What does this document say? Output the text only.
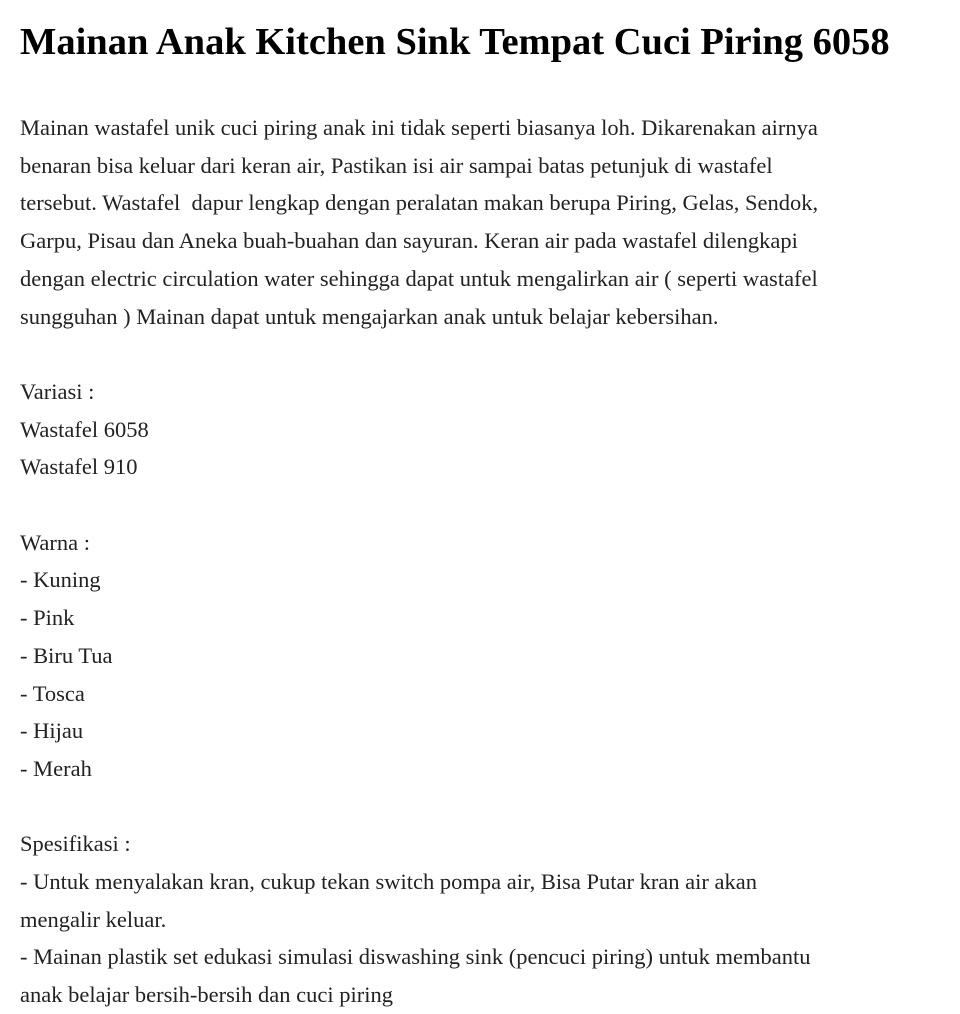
Mainan Anak Kitchen Sink Tempat Cuci Piring 6058

Mainan wastafel unik cuci piring anak ini tidak seperti biasanya loh. Dikarenakan airnya
benaran bisa keluar dari keran air, Pastikan isi air sampai batas petunjuk di wastafel
tersebut. Wastafel  dapur lengkap dengan peralatan makan berupa Piring, Gelas, Sendok,
Garpu, Pisau dan Aneka buah-buahan dan sayuran. Keran air pada wastafel dilengkapi
dengan electric circulation water sehingga dapat untuk mengalirkan air ( seperti wastafel
sungguhan ) Mainan dapat untuk mengajarkan anak untuk belajar kebersihan.

Variasi :
Wastafel 6058
Wastafel 910
Warna :
- Kuning
- Pink
- Biru Tua
- Tosca
- Hijau
- Merah
Spesifikasi :
- Untuk menyalakan kran, cukup tekan switch pompa air, Bisa Putar kran air akan
mengalir keluar.
- Mainan plastik set edukasi simulasi diswashing sink (pencuci piring) untuk membantu
anak belajar bersih-bersih dan cuci piring
